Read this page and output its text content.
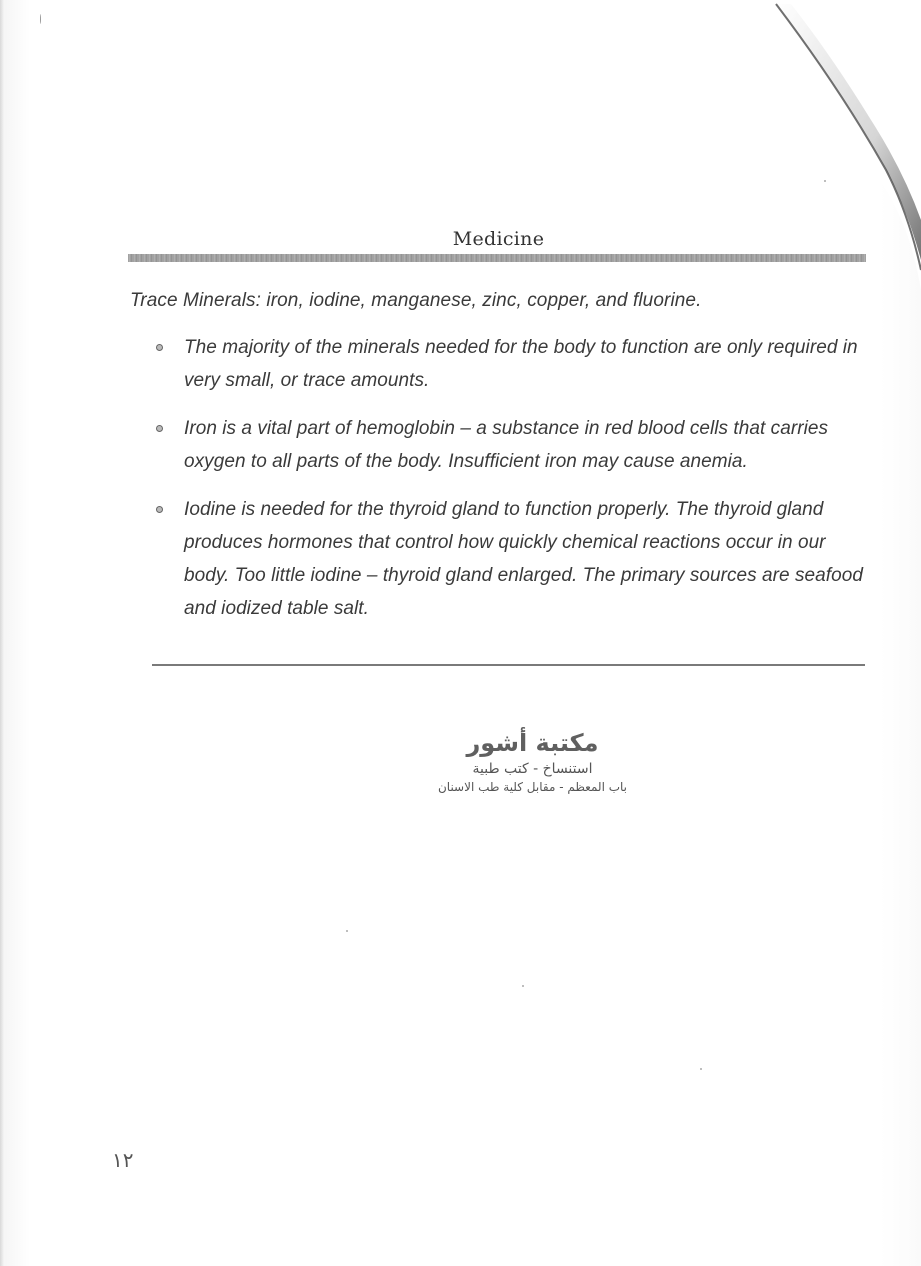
Medicine

Trace Minerals: iron, iodine, manganese, zinc, copper, and fluorine.

The majority of the minerals needed for the body to function are only required in very small, or trace amounts.
Iron is a vital part of hemoglobin – a substance in red blood cells that carries oxygen to all parts of the body. Insufficient iron may cause anemia.
Iodine is needed for the thyroid gland to function properly. The thyroid gland produces hormones that control how quickly chemical reactions occur in our body. Too little iodine – thyroid gland enlarged. The primary sources are seafood and iodized table salt.
مكتبة أشور
استنساخ - كتب طبية
باب المعظم - مقابل كلية طب الاسنان
١٢
